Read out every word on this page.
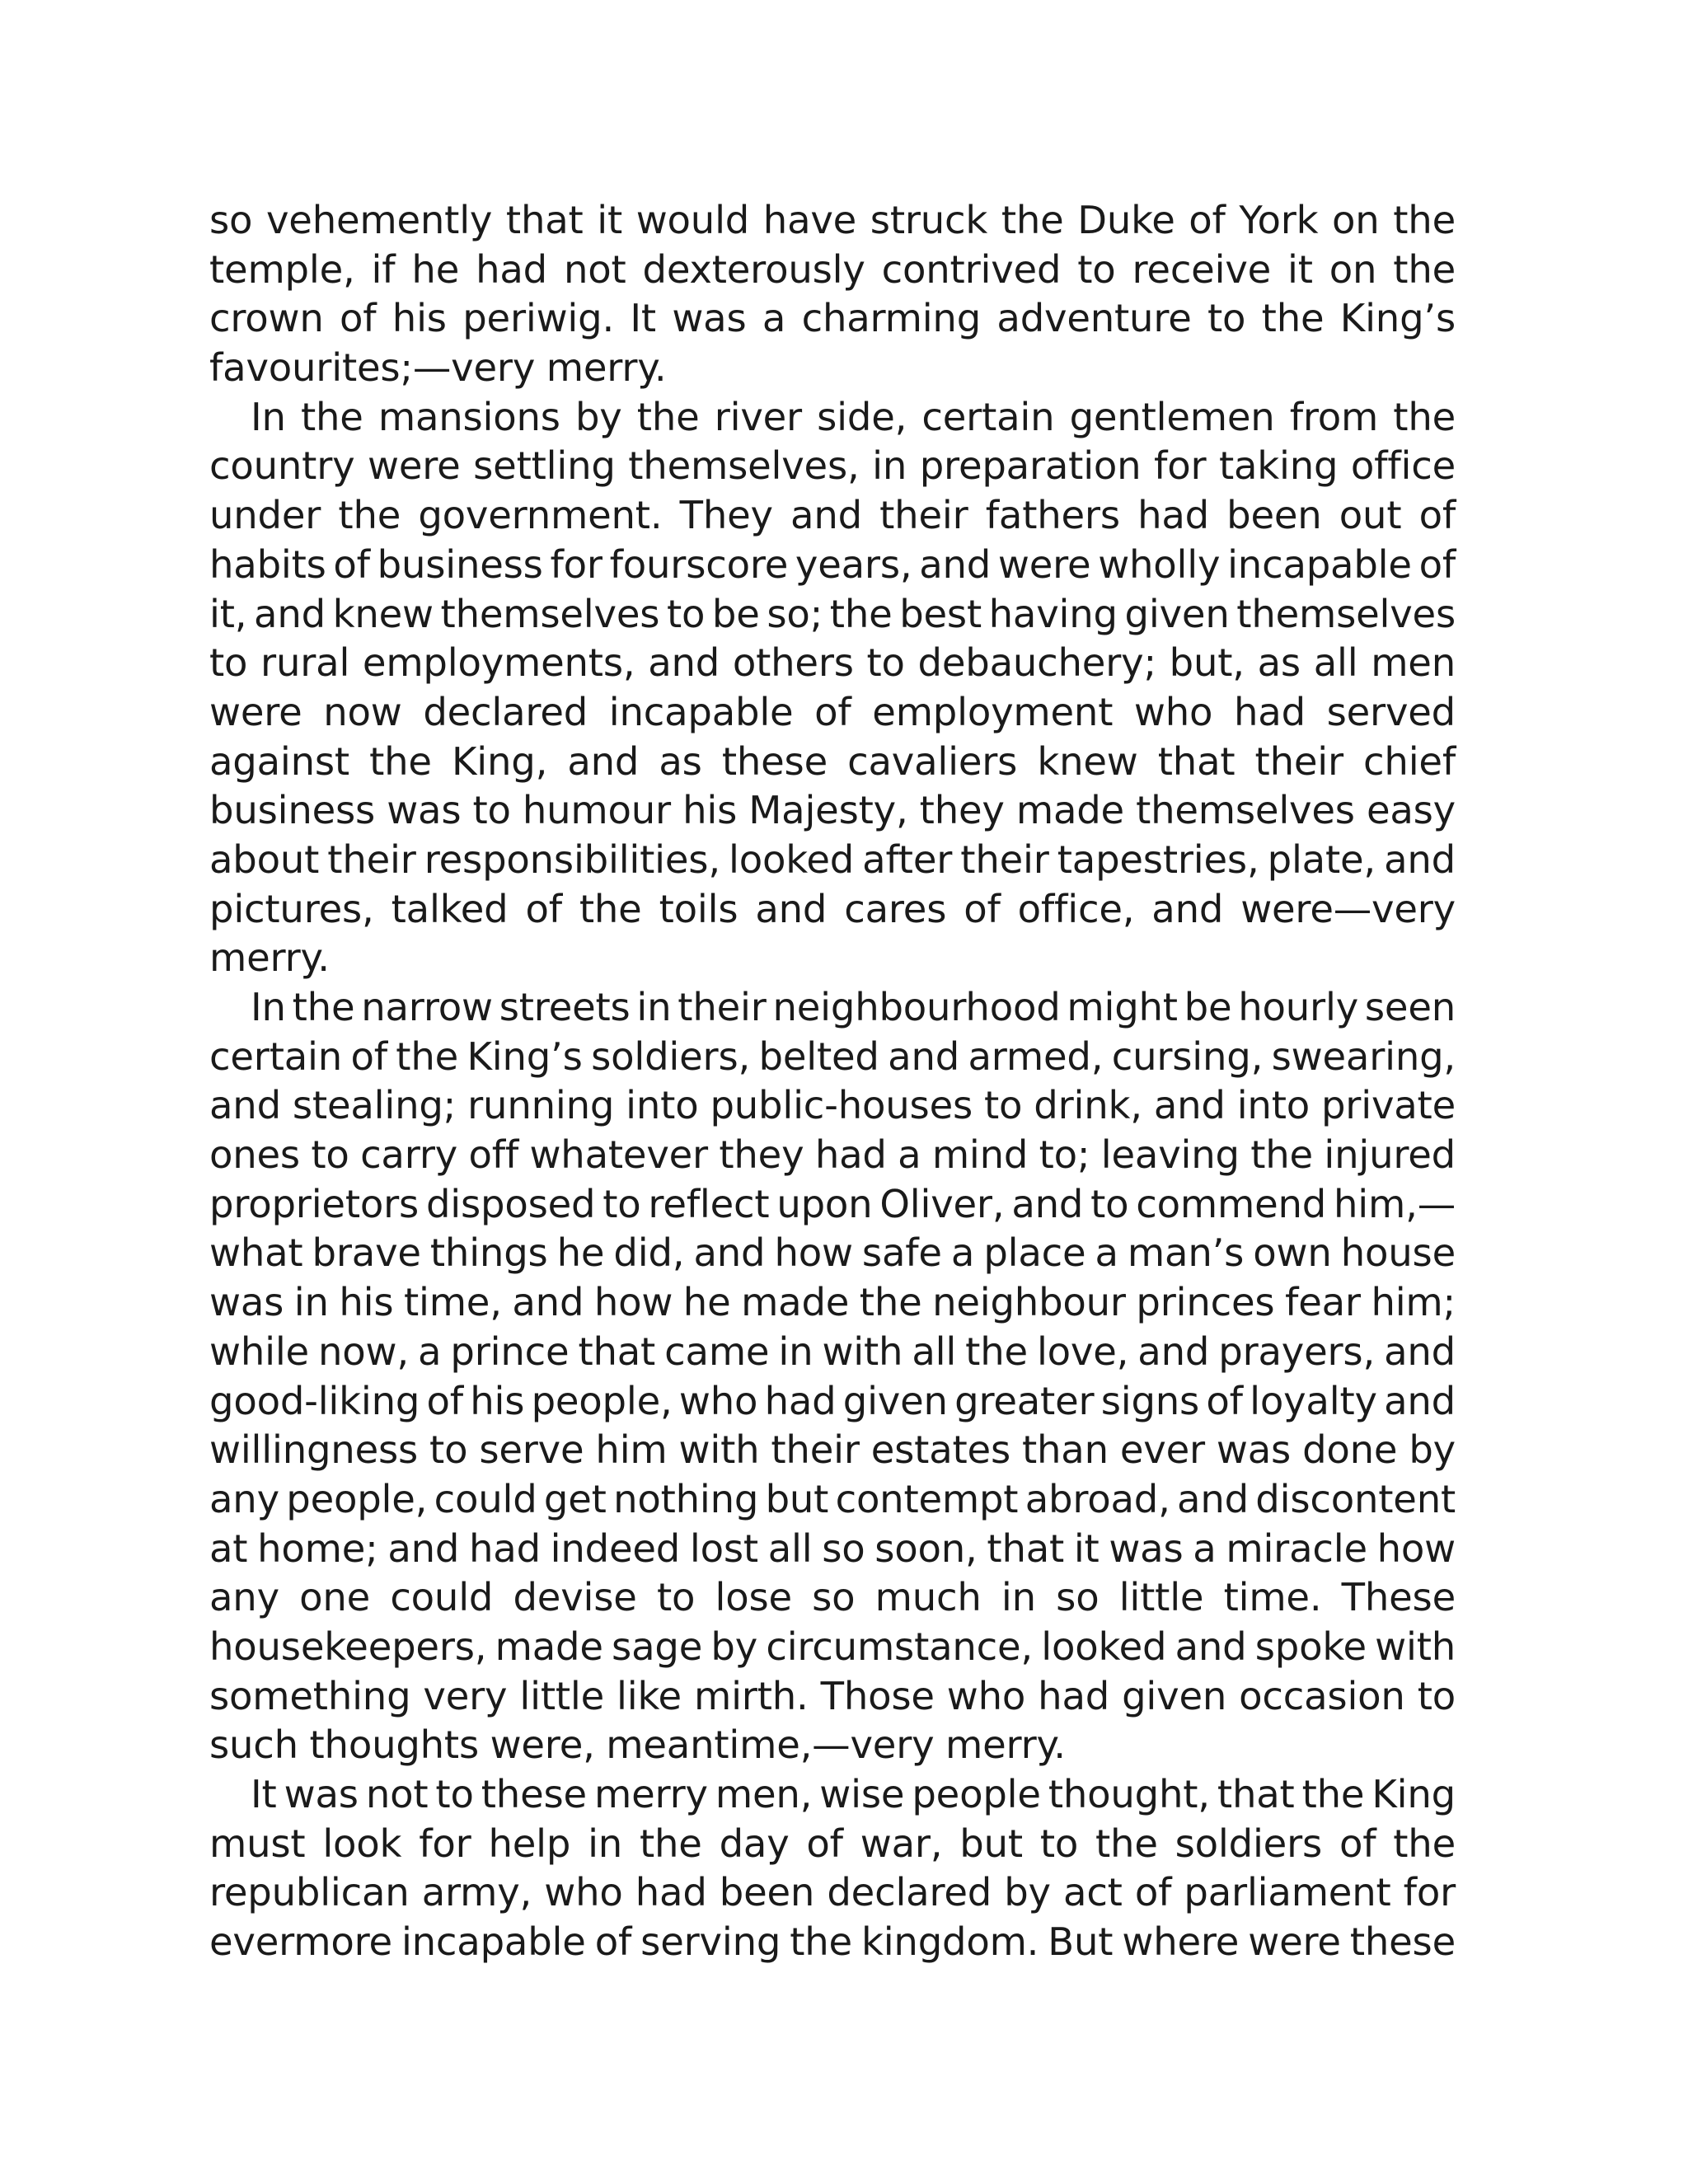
so vehemently that it would have struck the Duke of York on the
temple, if he had not dexterously contrived to receive it on the
crown of his periwig. It was a charming adventure to the King’s
favourites;—very merry.
In the mansions by the river side, certain gentlemen from the
country were settling themselves, in preparation for taking office
under the government. They and their fathers had been out of
habits of business for fourscore years, and were wholly incapable of
it, and knew themselves to be so; the best having given themselves
to rural employments, and others to debauchery; but, as all men
were now declared incapable of employment who had served
against the King, and as these cavaliers knew that their chief
business was to humour his Majesty, they made themselves easy
about their responsibilities, looked after their tapestries, plate, and
pictures, talked of the toils and cares of office, and were—very
merry.
In the narrow streets in their neighbourhood might be hourly seen
certain of the King’s soldiers, belted and armed, cursing, swearing,
and stealing; running into public-houses to drink, and into private
ones to carry off whatever they had a mind to; leaving the injured
proprietors disposed to reflect upon Oliver, and to commend him,—
what brave things he did, and how safe a place a man’s own house
was in his time, and how he made the neighbour princes fear him;
while now, a prince that came in with all the love, and prayers, and
good-liking of his people, who had given greater signs of loyalty and
willingness to serve him with their estates than ever was done by
any people, could get nothing but contempt abroad, and discontent
at home; and had indeed lost all so soon, that it was a miracle how
any one could devise to lose so much in so little time. These
housekeepers, made sage by circumstance, looked and spoke with
something very little like mirth. Those who had given occasion to
such thoughts were, meantime,—very merry.
It was not to these merry men, wise people thought, that the King
must look for help in the day of war, but to the soldiers of the
republican army, who had been declared by act of parliament for
evermore incapable of serving the kingdom. But where were these
